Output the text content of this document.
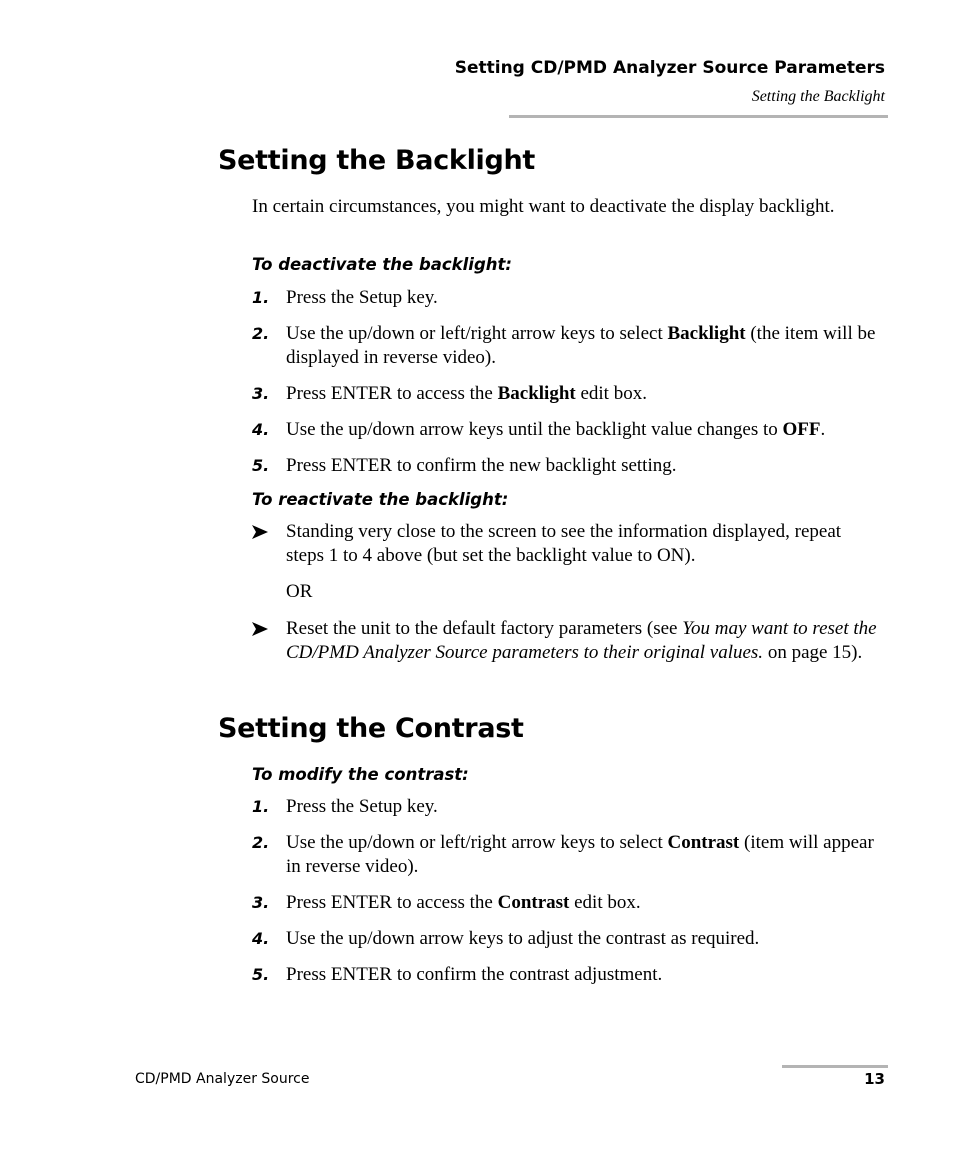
Setting CD/PMD Analyzer Source Parameters
Setting the Backlight
Setting the Backlight

In certain circumstances, you might want to deactivate the display backlight.

To deactivate the backlight:
1. Press the Setup key.
2. Use the up/down or left/right arrow keys to select Backlight (the item will be displayed in reverse video).
3. Press ENTER to access the Backlight edit box.
4. Use the up/down arrow keys until the backlight value changes to OFF.
5. Press ENTER to confirm the new backlight setting.
To reactivate the backlight:
Standing very close to the screen to see the information displayed, repeat steps 1 to 4 above (but set the backlight value to ON).
OR
Reset the unit to the default factory parameters (see You may want to reset the CD/PMD Analyzer Source parameters to their original values. on page 15).
Setting the Contrast
To modify the contrast:
1. Press the Setup key.
2. Use the up/down or left/right arrow keys to select Contrast (item will appear in reverse video).
3. Press ENTER to access the Contrast edit box.
4. Use the up/down arrow keys to adjust the contrast as required.
5. Press ENTER to confirm the contrast adjustment.
CD/PMD Analyzer Source	13
